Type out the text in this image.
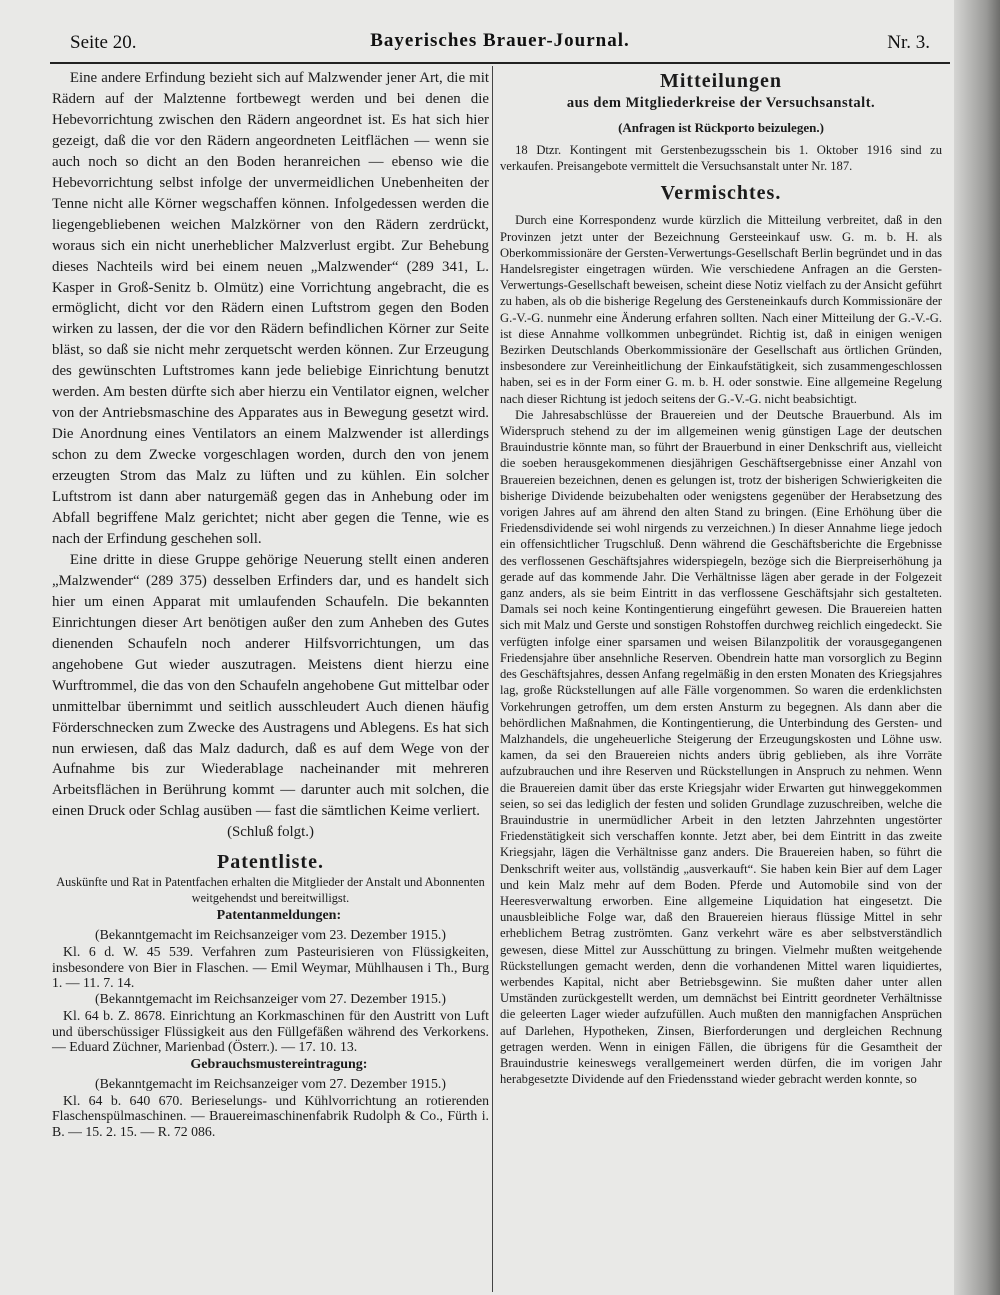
Seite 20.	Bayerisches Brauer-Journal.	Nr. 3.

Eine andere Erfindung bezieht sich auf Malzwender jener Art, die mit Rädern auf der Malztenne fortbewegt werden und bei denen die Hebevorrichtung zwischen den Rädern angeordnet ist. Es hat sich hier gezeigt, daß die vor den Rädern angeordneten Leitflächen — wenn sie auch noch so dicht an den Boden heranreichen — ebenso wie die Hebevorrichtung selbst infolge der unvermeidlichen Unebenheiten der Tenne nicht alle Körner wegschaffen können. Infolgedessen werden die liegengebliebenen weichen Malzkörner von den Rädern zerdrückt, woraus sich ein nicht unerheblicher Malzverlust ergibt. Zur Behebung dieses Nachteils wird bei einem neuen „Malzwender“ (289 341, L. Kasper in Groß-Senitz b. Olmütz) eine Vorrichtung angebracht, die es ermöglicht, dicht vor den Rädern einen Luftstrom gegen den Boden wirken zu lassen, der die vor den Rädern befindlichen Körner zur Seite bläst, so daß sie nicht mehr zerquetscht werden können. Zur Erzeugung des gewünschten Luftstromes kann jede beliebige Einrichtung benutzt werden. Am besten dürfte sich aber hierzu ein Ventilator eignen, welcher von der Antriebsmaschine des Apparates aus in Bewegung gesetzt wird. Die Anordnung eines Ventilators an einem Malzwender ist allerdings schon zu dem Zwecke vorgeschlagen worden, durch den von jenem erzeugten Strom das Malz zu lüften und zu kühlen. Ein solcher Luftstrom ist dann aber naturgemäß gegen das in Anhebung oder im Abfall begriffene Malz gerichtet; nicht aber gegen die Tenne, wie es nach der Erfindung geschehen soll.

Eine dritte in diese Gruppe gehörige Neuerung stellt einen anderen „Malzwender“ (289 375) desselben Erfinders dar, und es handelt sich hier um einen Apparat mit umlaufenden Schaufeln. Die bekannten Einrichtungen dieser Art benötigen außer den zum Anheben des Gutes dienenden Schaufeln noch anderer Hilfsvorrichtungen, um das angehobene Gut wieder auszutragen. Meistens dient hierzu eine Wurftrommel, die das von den Schaufeln angehobene Gut mittelbar oder unmittelbar übernimmt und seitlich ausschleudert Auch dienen häufig Förderschnecken zum Zwecke des Austragens und Ablegens. Es hat sich nun erwiesen, daß das Malz dadurch, daß es auf dem Wege von der Aufnahme bis zur Wiederablage nacheinander mit mehreren Arbeitsflächen in Berührung kommt — darunter auch mit solchen, die einen Druck oder Schlag ausüben — fast die sämtlichen Keime verliert.

(Schluß folgt.)

Patentliste.

Auskünfte und Rat in Patentfachen erhalten die Mitglieder der Anstalt und Abonnenten weitgehendst und bereitwilligst.

Patentanmeldungen:

(Bekanntgemacht im Reichsanzeiger vom 23. Dezember 1915.)

Kl. 6 d. W. 45 539. Verfahren zum Pasteurisieren von Flüssigkeiten, insbesondere von Bier in Flaschen. — Emil Weymar, Mühlhausen i Th., Burg 1. — 11. 7. 14.

(Bekanntgemacht im Reichsanzeiger vom 27. Dezember 1915.)

Kl. 64 b. Z. 8678. Einrichtung an Korkmaschinen für den Austritt von Luft und überschüssiger Flüssigkeit aus den Füllgefäßen während des Verkorkens. — Eduard Züchner, Marienbad (Österr.). — 17. 10. 13.

Gebrauchsmustereintragung:

(Bekanntgemacht im Reichsanzeiger vom 27. Dezember 1915.)

Kl. 64 b. 640 670. Berieselungs- und Kühlvorrichtung an rotierenden Flaschenspülmaschinen. — Brauereimaschinenfabrik Rudolph & Co., Fürth i. B. — 15. 2. 15. — R. 72 086.

Mitteilungen

aus dem Mitgliederkreise der Versuchsanstalt.

(Anfragen ist Rückporto beizulegen.)

18 Dtzr. Kontingent mit Gerstenbezugsschein bis 1. Oktober 1916 sind zu verkaufen. Preisangebote vermittelt die Versuchsanstalt unter Nr. 187.

Vermischtes.

Durch eine Korrespondenz wurde kürzlich die Mitteilung verbreitet, daß in den Provinzen jetzt unter der Bezeichnung Gersteeinkauf usw. G. m. b. H. als Oberkommissionäre der Gersten-Verwertungs-Gesellschaft Berlin begründet und in das Handelsregister eingetragen würden. Wie verschiedene Anfragen an die Gersten-Verwertungs-Gesellschaft beweisen, scheint diese Notiz vielfach zu der Ansicht geführt zu haben, als ob die bisherige Regelung des Gersteneinkaufs durch Kommissionäre der G.-V.-G. nunmehr eine Änderung erfahren sollten. Nach einer Mitteilung der G.-V.-G. ist diese Annahme vollkommen unbegründet. Richtig ist, daß in einigen wenigen Bezirken Deutschlands Oberkommissionäre der Gesellschaft aus örtlichen Gründen, insbesondere zur Vereinheitlichung der Einkaufstätigkeit, sich zusammengeschlossen haben, sei es in der Form einer G. m. b. H. oder sonstwie. Eine allgemeine Regelung nach dieser Richtung ist jedoch seitens der G.-V.-G. nicht beabsichtigt.

Die Jahresabschlüsse der Brauereien und der Deutsche Brauerbund. Als im Widerspruch stehend zu der im allgemeinen wenig günstigen Lage der deutschen Brauindustrie könnte man, so führt der Brauerbund in einer Denkschrift aus, vielleicht die soeben herausgekommenen diesjährigen Geschäftsergebnisse einer Anzahl von Brauereien bezeichnen, denen es gelungen ist, trotz der bisherigen Schwierigkeiten die bisherige Dividende beizubehalten oder wenigstens gegenüber der Herabsetzung des vorigen Jahres auf am ährend den alten Stand zu bringen. (Eine Erhöhung über die Friedensdividende sei wohl nirgends zu verzeichnen.) In dieser Annahme liege jedoch ein offensichtlicher Trugschluß. Denn während die Geschäftsberichte die Ergebnisse des verflossenen Geschäftsjahres widerspiegeln, bezöge sich die Bierpreiserhöhung ja gerade auf das kommende Jahr. Die Verhältnisse lägen aber gerade in der Folgezeit ganz anders, als sie beim Eintritt in das verflossene Geschäftsjahr sich gestalteten. Damals sei noch keine Kontingentierung eingeführt gewesen. Die Brauereien hatten sich mit Malz und Gerste und sonstigen Rohstoffen durchweg reichlich eingedeckt. Sie verfügten infolge einer sparsamen und weisen Bilanzpolitik der vorausgegangenen Friedensjahre über ansehnliche Reserven. Obendrein hatte man vorsorglich zu Beginn des Geschäftsjahres, dessen Anfang regelmäßig in den ersten Monaten des Kriegsjahres lag, große Rückstellungen auf alle Fälle vorgenommen. So waren die erdenklichsten Vorkehrungen getroffen, um dem ersten Ansturm zu begegnen. Als dann aber die behördlichen Maßnahmen, die Kontingentierung, die Unterbindung des Gersten- und Malzhandels, die ungeheuerliche Steigerung der Erzeugungskosten und Löhne usw. kamen, da sei den Brauereien nichts anders übrig geblieben, als ihre Vorräte aufzubrauchen und ihre Reserven und Rückstellungen in Anspruch zu nehmen. Wenn die Brauereien damit über das erste Kriegsjahr wider Erwarten gut hinweggekommen seien, so sei das lediglich der festen und soliden Grundlage zuzuschreiben, welche die Brauindustrie in unermüdlicher Arbeit in den letzten Jahrzehnten ungestörter Friedenstätigkeit sich verschaffen konnte. Jetzt aber, bei dem Eintritt in das zweite Kriegsjahr, lägen die Verhältnisse ganz anders. Die Brauereien haben, so führt die Denkschrift weiter aus, vollständig „ausverkauft“. Sie haben kein Bier auf dem Lager und kein Malz mehr auf dem Boden. Pferde und Automobile sind von der Heeresverwaltung erworben. Eine allgemeine Liquidation hat eingesetzt. Die unausbleibliche Folge war, daß den Brauereien hieraus flüssige Mittel in sehr erheblichem Betrag zuströmten. Ganz verkehrt wäre es aber selbstverständlich gewesen, diese Mittel zur Ausschüttung zu bringen. Vielmehr mußten weitgehende Rückstellungen gemacht werden, denn die vorhandenen Mittel waren liquidiertes, werbendes Kapital, nicht aber Betriebsgewinn. Sie mußten daher unter allen Umständen zurückgestellt werden, um demnächst bei Eintritt geordneter Verhältnisse die geleerten Lager wieder aufzufüllen. Auch mußten den mannigfachen Ansprüchen auf Darlehen, Hypotheken, Zinsen, Bierforderungen und dergleichen Rechnung getragen werden. Wenn in einigen Fällen, die übrigens für die Gesamtheit der Brauindustrie keineswegs verallgemeinert werden dürfen, die im vorigen Jahr herabgesetzte Dividende auf den Friedensstand wieder gebracht werden konnte, so
